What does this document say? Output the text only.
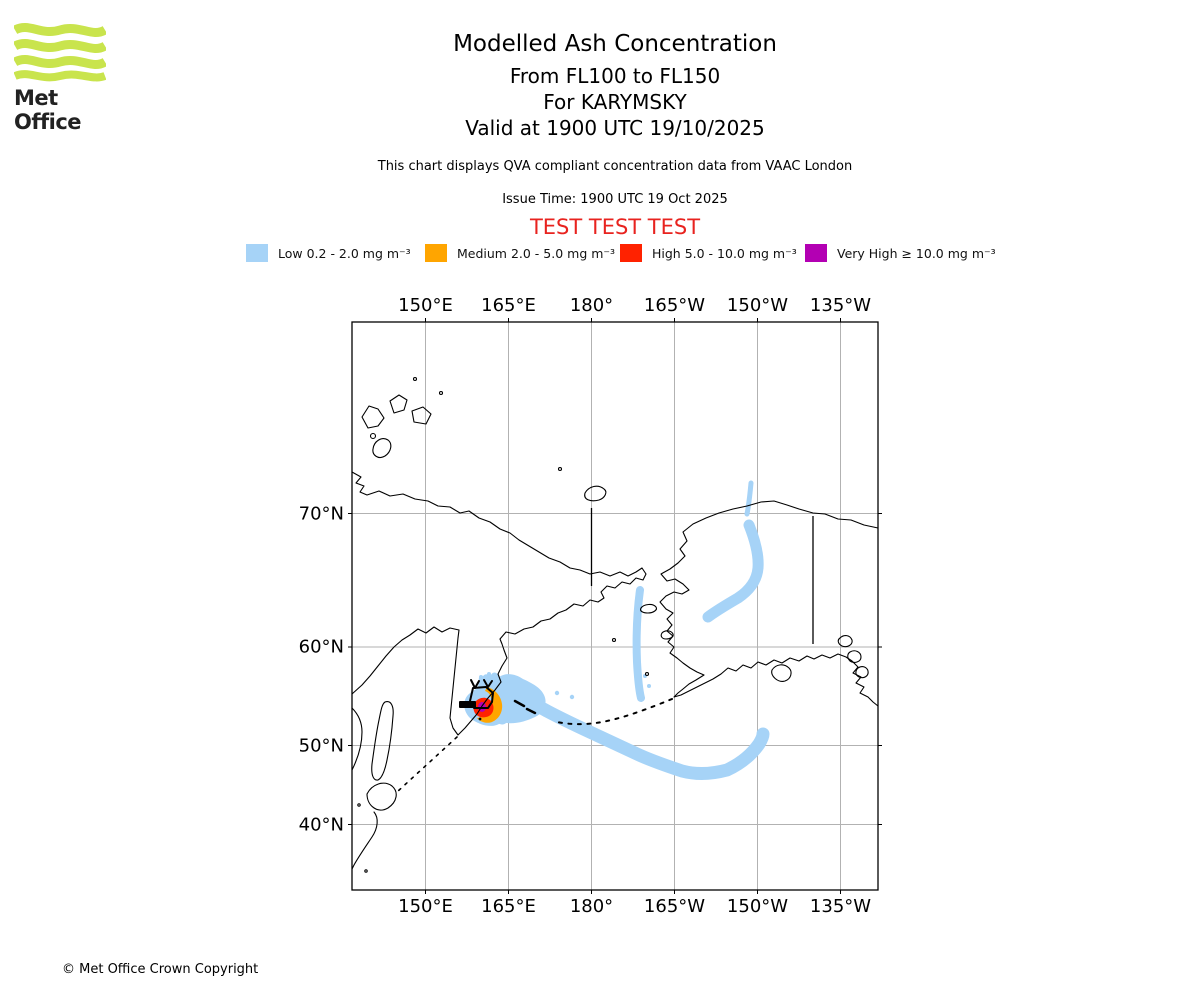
Met Office
Modelled Ash Concentration
From FL100 to FL150
For KARYMSKY
Valid at 1900 UTC 19/10/2025
This chart displays QVA compliant concentration data from VAAC London
Issue Time: 1900 UTC 19 Oct 2025
TEST TEST TEST
Low 0.2 - 2.0 mg m⁻³	Medium 2.0 - 5.0 mg m⁻³	High 5.0 - 10.0 mg m⁻³	Very High ≥ 10.0 mg m⁻³
150°E 165°E 180° 165°W 150°W 135°W
150°E 165°E 180° 165°W 150°W 135°W
70°N
60°N
50°N
40°N
© Met Office Crown Copyright
